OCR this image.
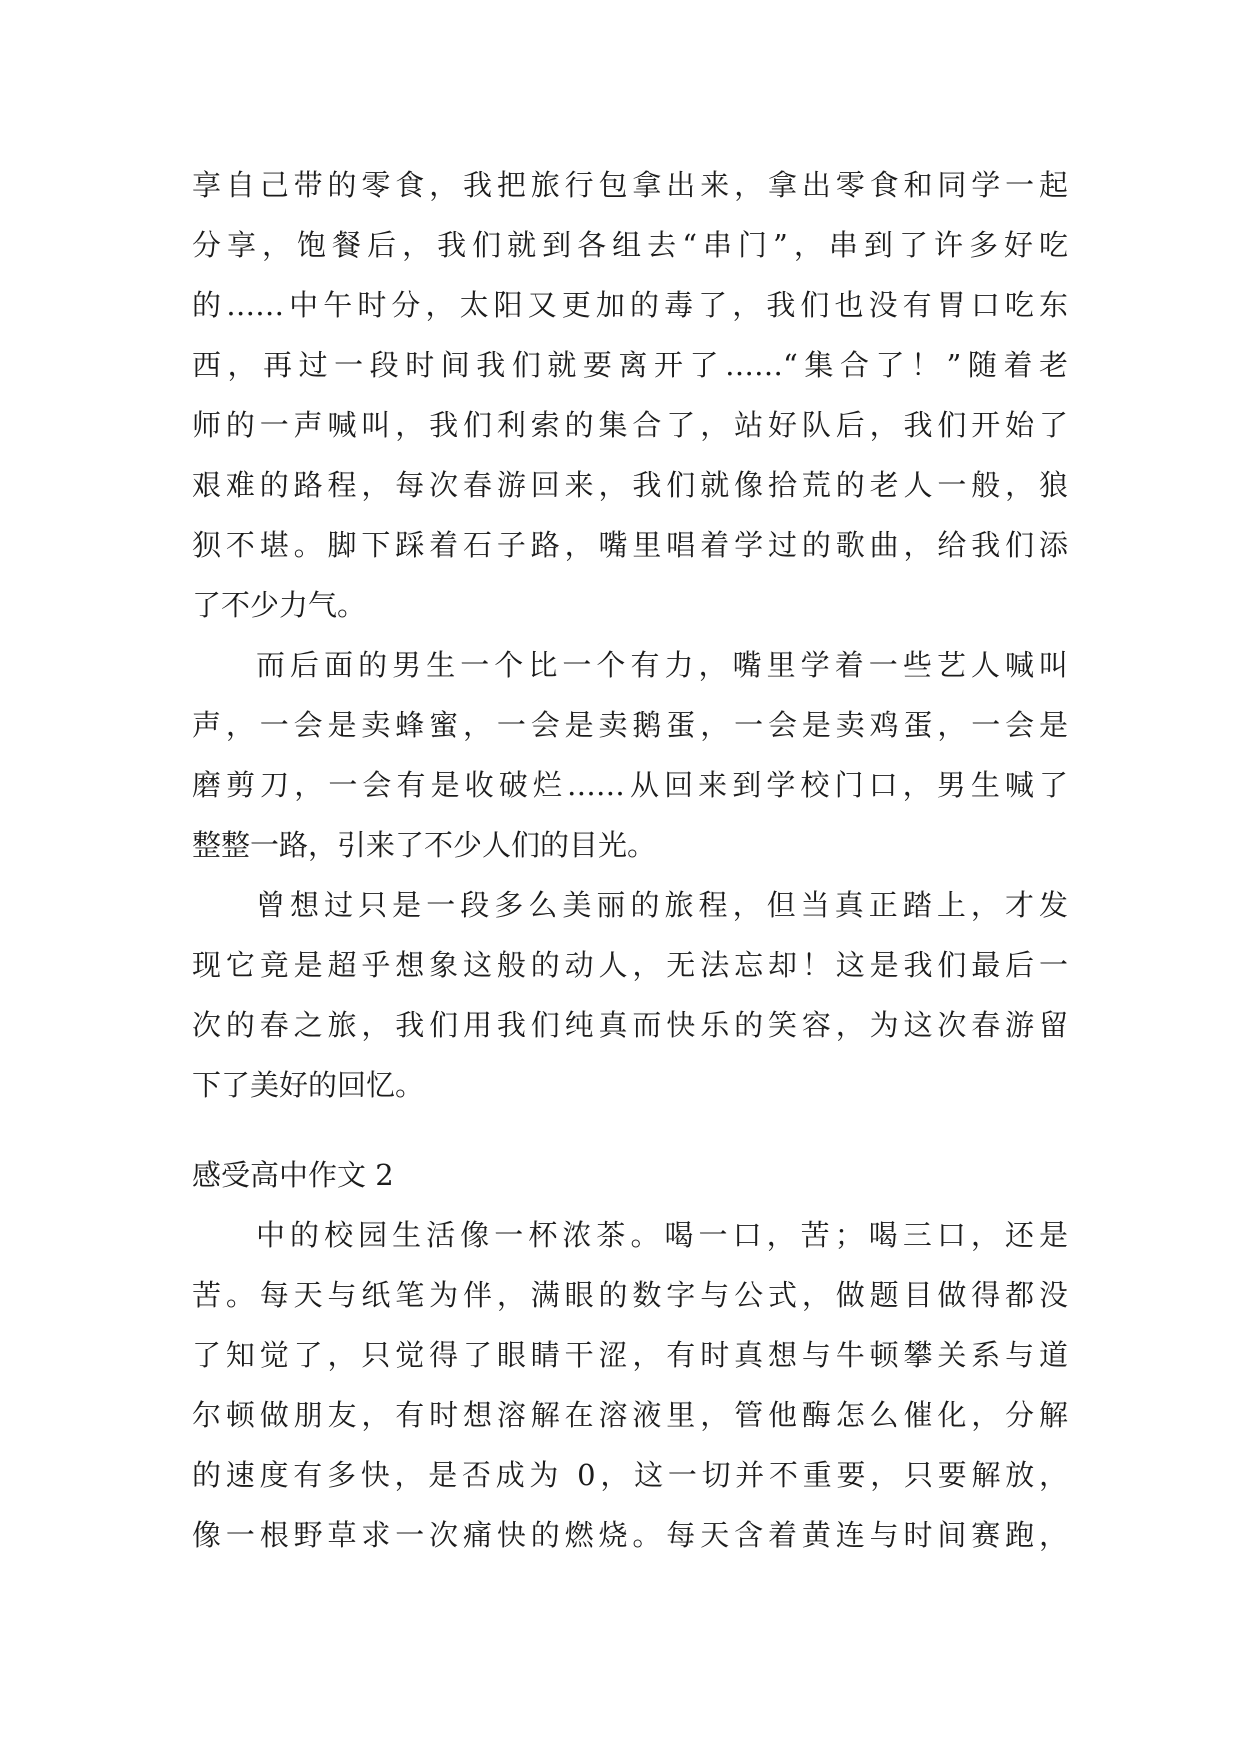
享自己带的零食，我把旅行包拿出来，拿出零食和同学一起
分享，饱餐后，我们就到各组去“串门”，串到了许多好吃
的……中午时分，太阳又更加的毒了，我们也没有胃口吃东
西，再过一段时间我们就要离开了……“集合了！”随着老
师的一声喊叫，我们利索的集合了，站好队后，我们开始了
艰难的路程，每次春游回来，我们就像拾荒的老人一般，狼
狈不堪。脚下踩着石子路，嘴里唱着学过的歌曲，给我们添
了不少力气。
而后面的男生一个比一个有力，嘴里学着一些艺人喊叫
声，一会是卖蜂蜜，一会是卖鹅蛋，一会是卖鸡蛋，一会是
磨剪刀，一会有是收破烂……从回来到学校门口，男生喊了
整整一路，引来了不少人们的目光。
曾想过只是一段多么美丽的旅程，但当真正踏上，才发
现它竟是超乎想象这般的动人，无法忘却！这是我们最后一
次的春之旅，我们用我们纯真而快乐的笑容，为这次春游留
下了美好的回忆。
感受高中作文 2
中的校园生活像一杯浓茶。喝一口，苦；喝三口，还是
苦。每天与纸笔为伴，满眼的数字与公式，做题目做得都没
了知觉了，只觉得了眼睛干涩，有时真想与牛顿攀关系与道
尔顿做朋友，有时想溶解在溶液里，管他酶怎么催化，分解
的速度有多快，是否成为 0，这一切并不重要，只要解放，
像一根野草求一次痛快的燃烧。每天含着黄连与时间赛跑，
